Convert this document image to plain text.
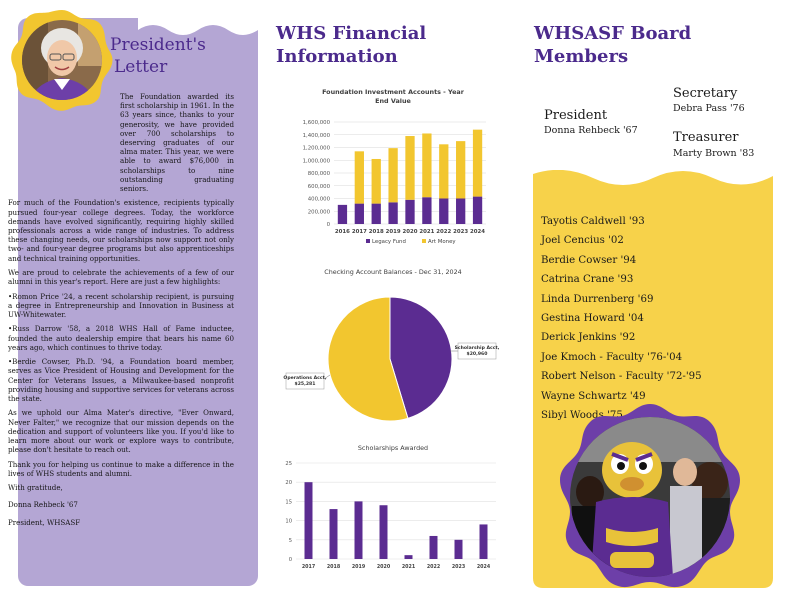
President's
Letter

The Foundation awarded its first scholarship in 1961. In the 63 years since, thanks to your generosity, we have provided over 700 scholarships to deserving graduates of our alma mater. This year, we were able to award $76,000 in scholarships to nine outstanding graduating seniors.

For much of the Foundation's existence, recipients typically pursued four-year college degrees. Today, the workforce demands have evolved significantly, requiring highly skilled professionals across a wide range of industries. To address these changing needs, our scholarships now support not only two- and four-year degree programs but also apprenticeships and technical training opportunities.

We are proud to celebrate the achievements of a few of our alumni in this year's report. Here are just a few highlights:

•Romon Price '24, a recent scholarship recipient, is pursuing a degree in Entrepreneurship and Innovation in Business at UW-Whitewater.

•Russ Darrow '58, a 2018 WHS Hall of Fame inductee, founded the auto dealership empire that bears his name 60 years ago, which continues to thrive today.

•Berdie Cowser, Ph.D. '94, a Foundation board member, serves as Vice President of Housing and Development for the Center for Veterans Issues, a Milwaukee-based nonprofit providing housing and supportive services for veterans across the state.

As we uphold our Alma Mater's directive, "Ever Onward, Never Falter," we recognize that our mission depends on the dedication and support of volunteers like you. If you'd like to learn more about our work or explore ways to contribute, please don't hesitate to reach out.

Thank you for helping us continue to make a difference in the lives of WHS students and alumni.

With gratitude,

Donna Rehbeck '67

President, WHSASF

WHS Financial
Information
Foundation Investment Accounts - Year End Value
0
200,000
400,000
600,000
800,000
1,000,000
1,200,000
1,400,000
1,600,000
2016 2017 2018 2019 2020 2021 2022 2023 2024
Legacy Fund	Art Money
Checking Account Balances - Dec 31, 2024
Scholarship Acct,
$20,960
Operations Acct,
$25,281
Scholarships Awarded
0
5
10
15
20
25
2017 2018 2019 2020 2021 2022 2023 2024
WHSASF Board
Members
President
Donna Rehbeck '67
Secretary
Debra Pass '76
Treasurer
Marty Brown '83
Tayotis Caldwell '93
Joel Cencius '02
Berdie Cowser '94
Catrina Crane '93
Linda Durrenberg '69
Gestina Howard '04
Derick Jenkins '92
Joe Kmoch - Faculty '76-'04
Robert Nelson - Faculty '72-'95
Wayne Schwartz '49
Sibyl Woods '75
